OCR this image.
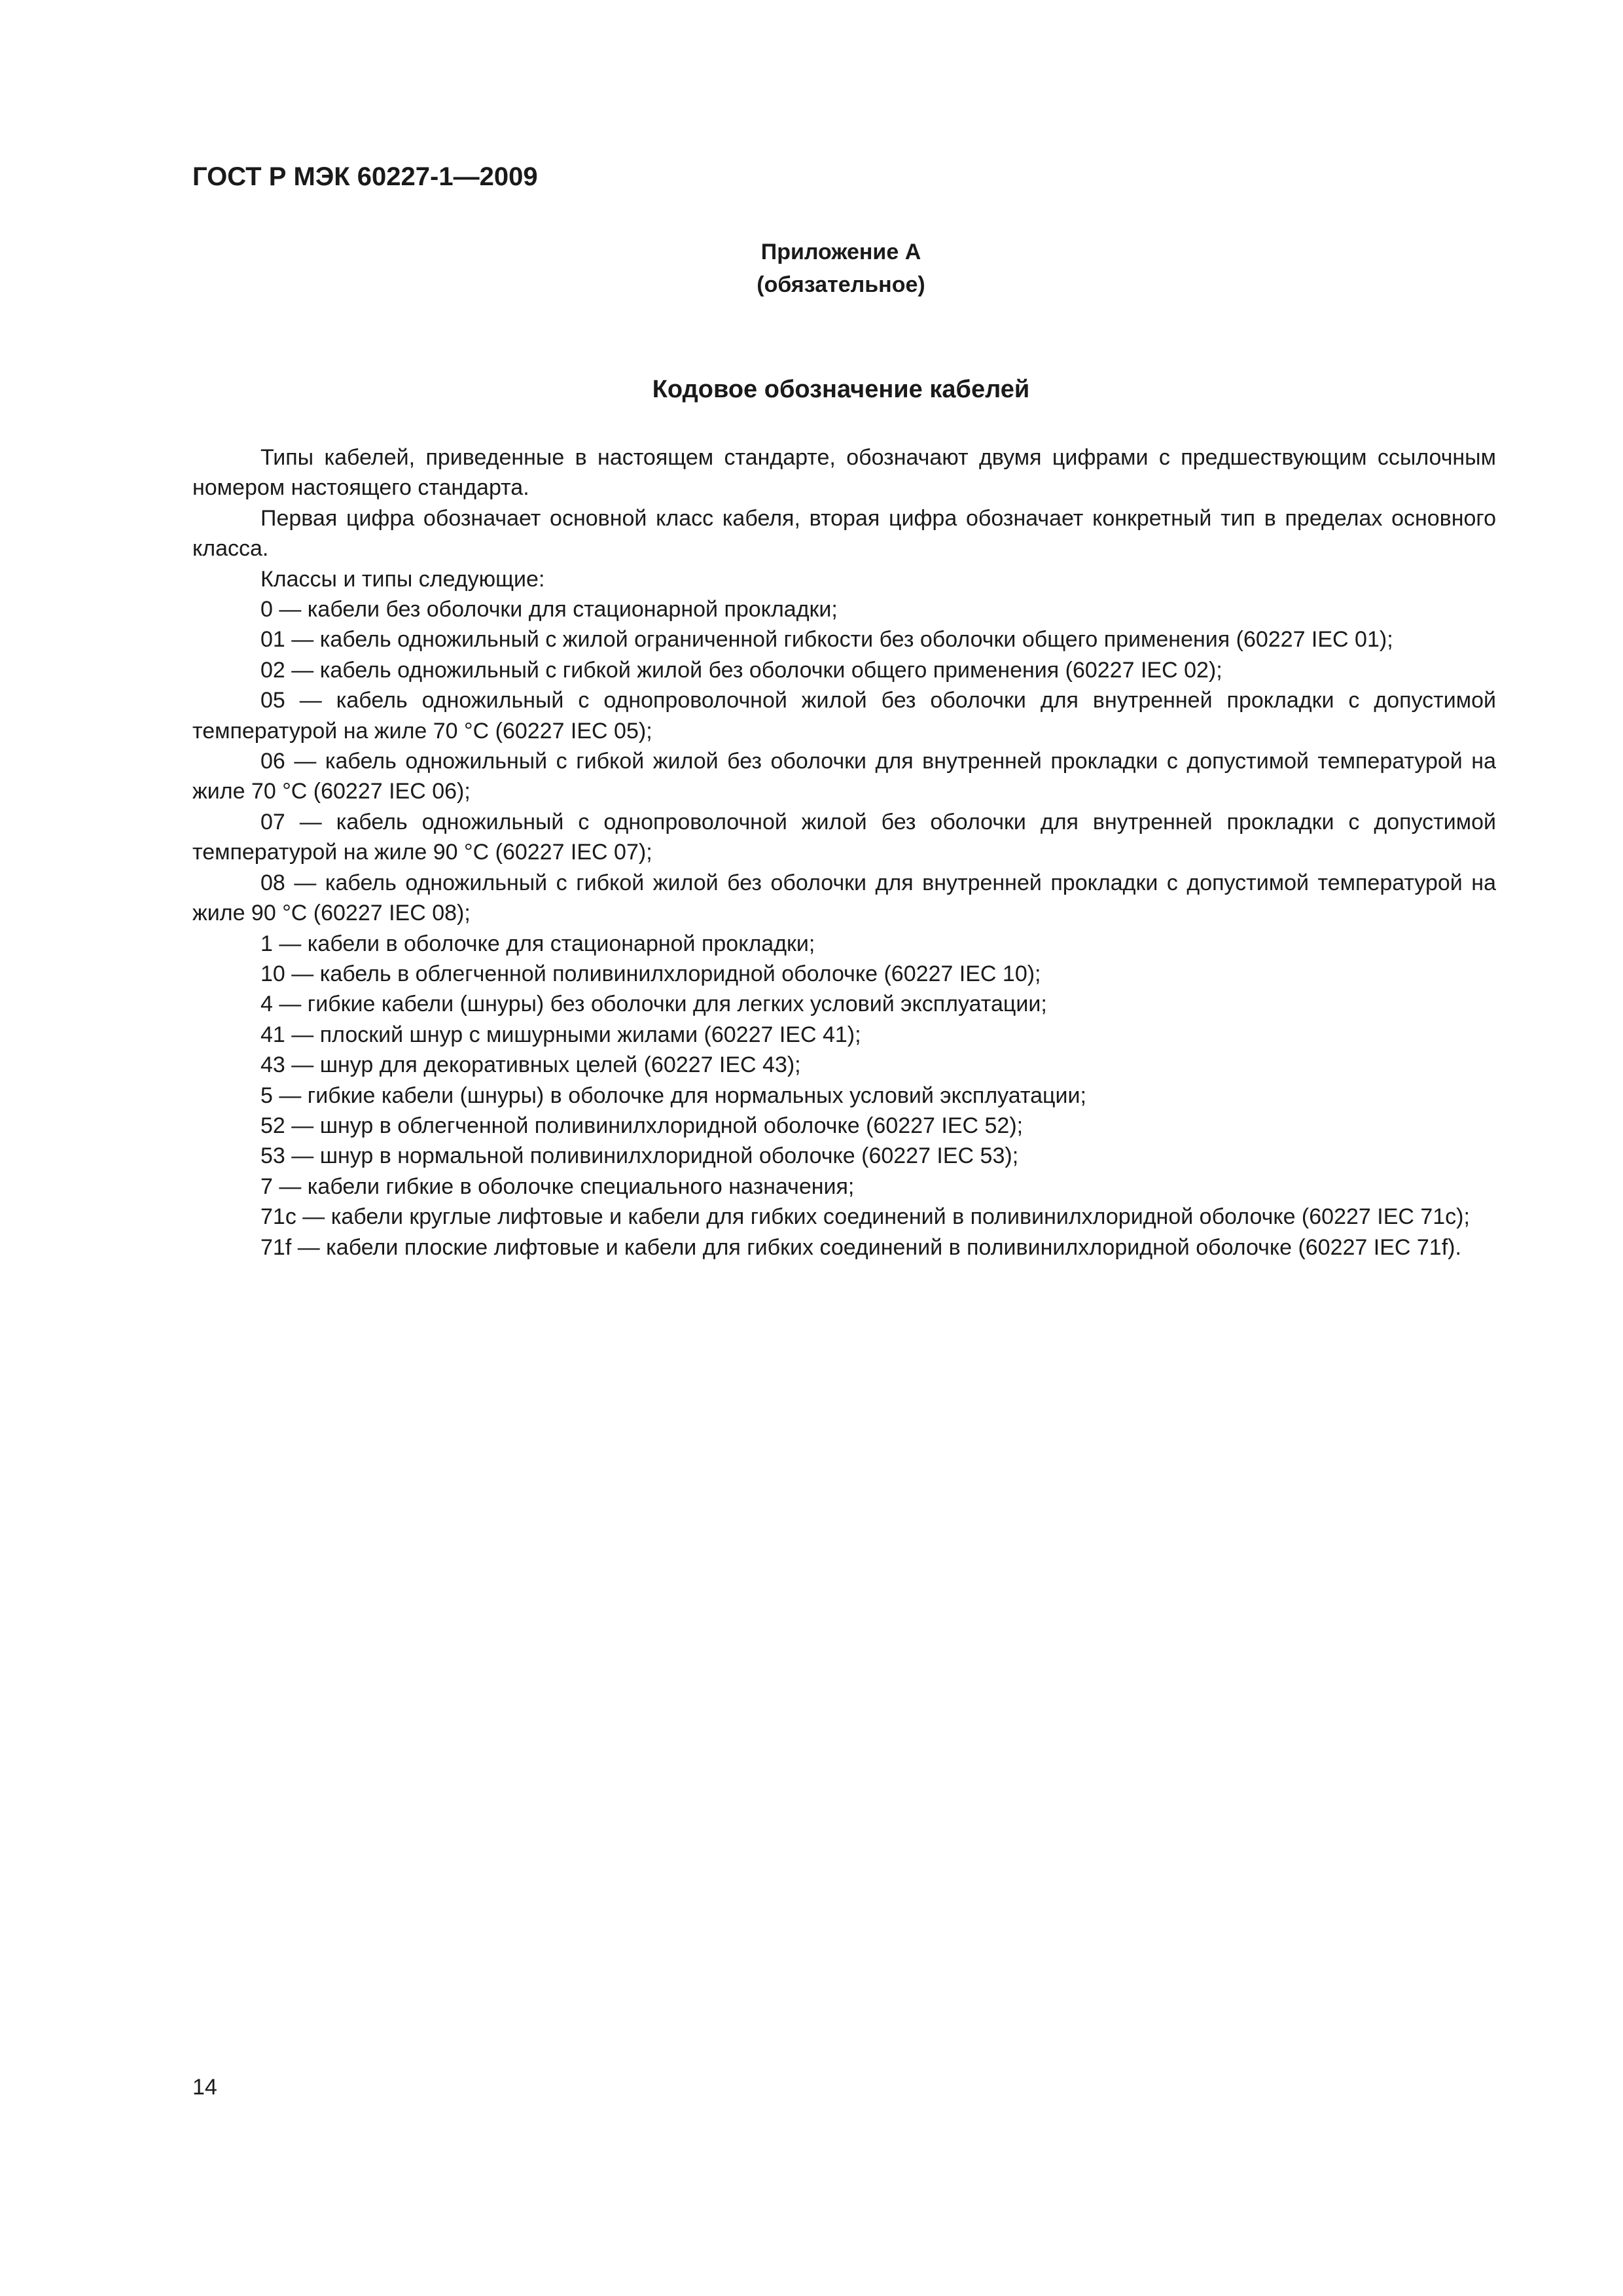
ГОСТ Р МЭК 60227-1—2009
Приложение А
(обязательное)
Кодовое обозначение кабелей

Типы кабелей, приведенные в настоящем стандарте, обозначают двумя цифрами с предшествующим ссылочным номером настоящего стандарта.

Первая цифра обозначает основной класс кабеля, вторая цифра обозначает конкретный тип в пределах основного класса.

Классы и типы следующие:

0 — кабели без оболочки для стационарной прокладки;

01 — кабель одножильный с жилой ограниченной гибкости без оболочки общего применения (60227 IEC 01);

02 — кабель одножильный с гибкой жилой без оболочки общего применения (60227 IEC 02);

05 — кабель одножильный с однопроволочной жилой без оболочки для внутренней прокладки с допустимой температурой на жиле 70 °С (60227 IEC 05);

06 — кабель одножильный с гибкой жилой без оболочки для внутренней прокладки с допустимой температурой на жиле 70 °С (60227 IEC 06);

07 — кабель одножильный с однопроволочной жилой без оболочки для внутренней прокладки с допустимой температурой на жиле 90 °С (60227 IEC 07);

08 — кабель одножильный с гибкой жилой без оболочки для внутренней прокладки с допустимой температурой на жиле 90 °С (60227 IEC 08);

1 — кабели в оболочке для стационарной прокладки;

10 — кабель в облегченной поливинилхлоридной оболочке (60227 IEC 10);

4 — гибкие кабели (шнуры) без оболочки для легких условий эксплуатации;

41 — плоский шнур с мишурными жилами (60227 IEC 41);

43 — шнур для декоративных целей (60227 IEC 43);

5 — гибкие кабели (шнуры) в оболочке для нормальных условий эксплуатации;

52 — шнур в облегченной поливинилхлоридной оболочке (60227 IEC 52);

53 — шнур в нормальной поливинилхлоридной оболочке (60227 IEC 53);

7 — кабели гибкие в оболочке специального назначения;

71c — кабели круглые лифтовые и кабели для гибких соединений в поливинилхлоридной оболочке (60227 IEC 71c);

71f — кабели плоские лифтовые и кабели для гибких соединений в поливинилхлоридной оболочке (60227 IEC 71f).

14
